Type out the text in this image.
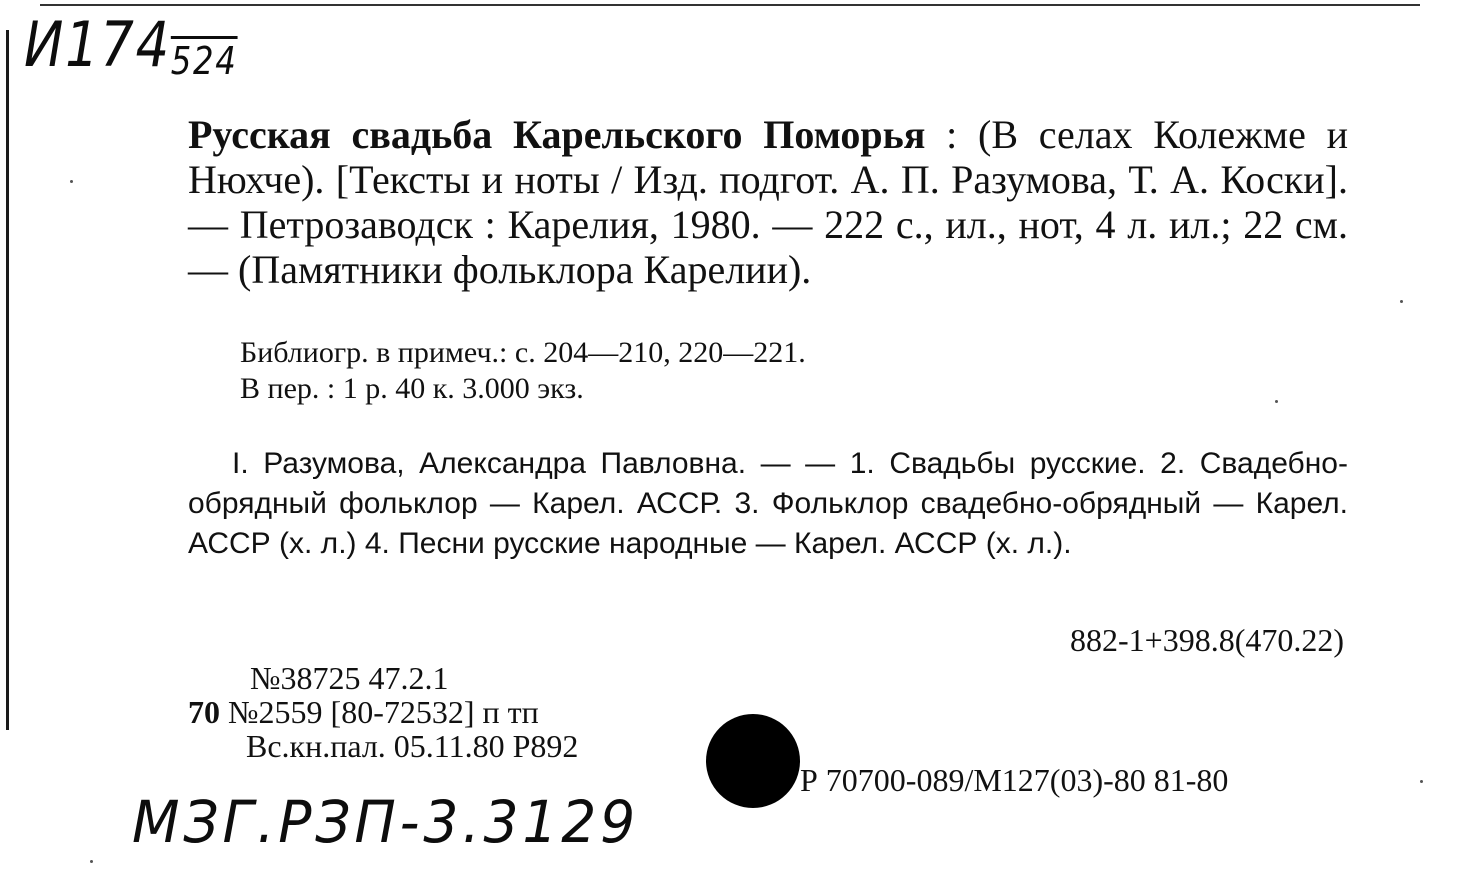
$И174_{524}$
Русская свадьба Карельского Поморья : (В селах Колежме и Нюхче). [Тексты и ноты / Изд. подгот. А. П. Разумова, Т. А. Коски]. — Петрозаводск : Карелия, 1980. — 222 с., ил., нот, 4 л. ил.; 22 см. — (Памятники фольклора Карелии).
Библиогр. в примеч.: с. 204—210, 220—221.
В пер. : 1 р. 40 к. 3.000 экз.
I. Разумова, Александра Павловна. — — 1. Свадьбы русские. 2. Свадебно-обрядный фольклор — Карел. АССР. 3. Фольклор свадебно-обрядный — Карел. АССР (х. л.) 4. Песни русские народные — Карел. АССР (х. л.).
882-1+398.8(470.22)
№38725 47.2.1
70 №2559 [80-72532] п тп
Вс.кн.пал. 05.11.80 Р892
Р 70700-089/М127(03)-80 81-80
МЗГ.РЗП-3.3129
